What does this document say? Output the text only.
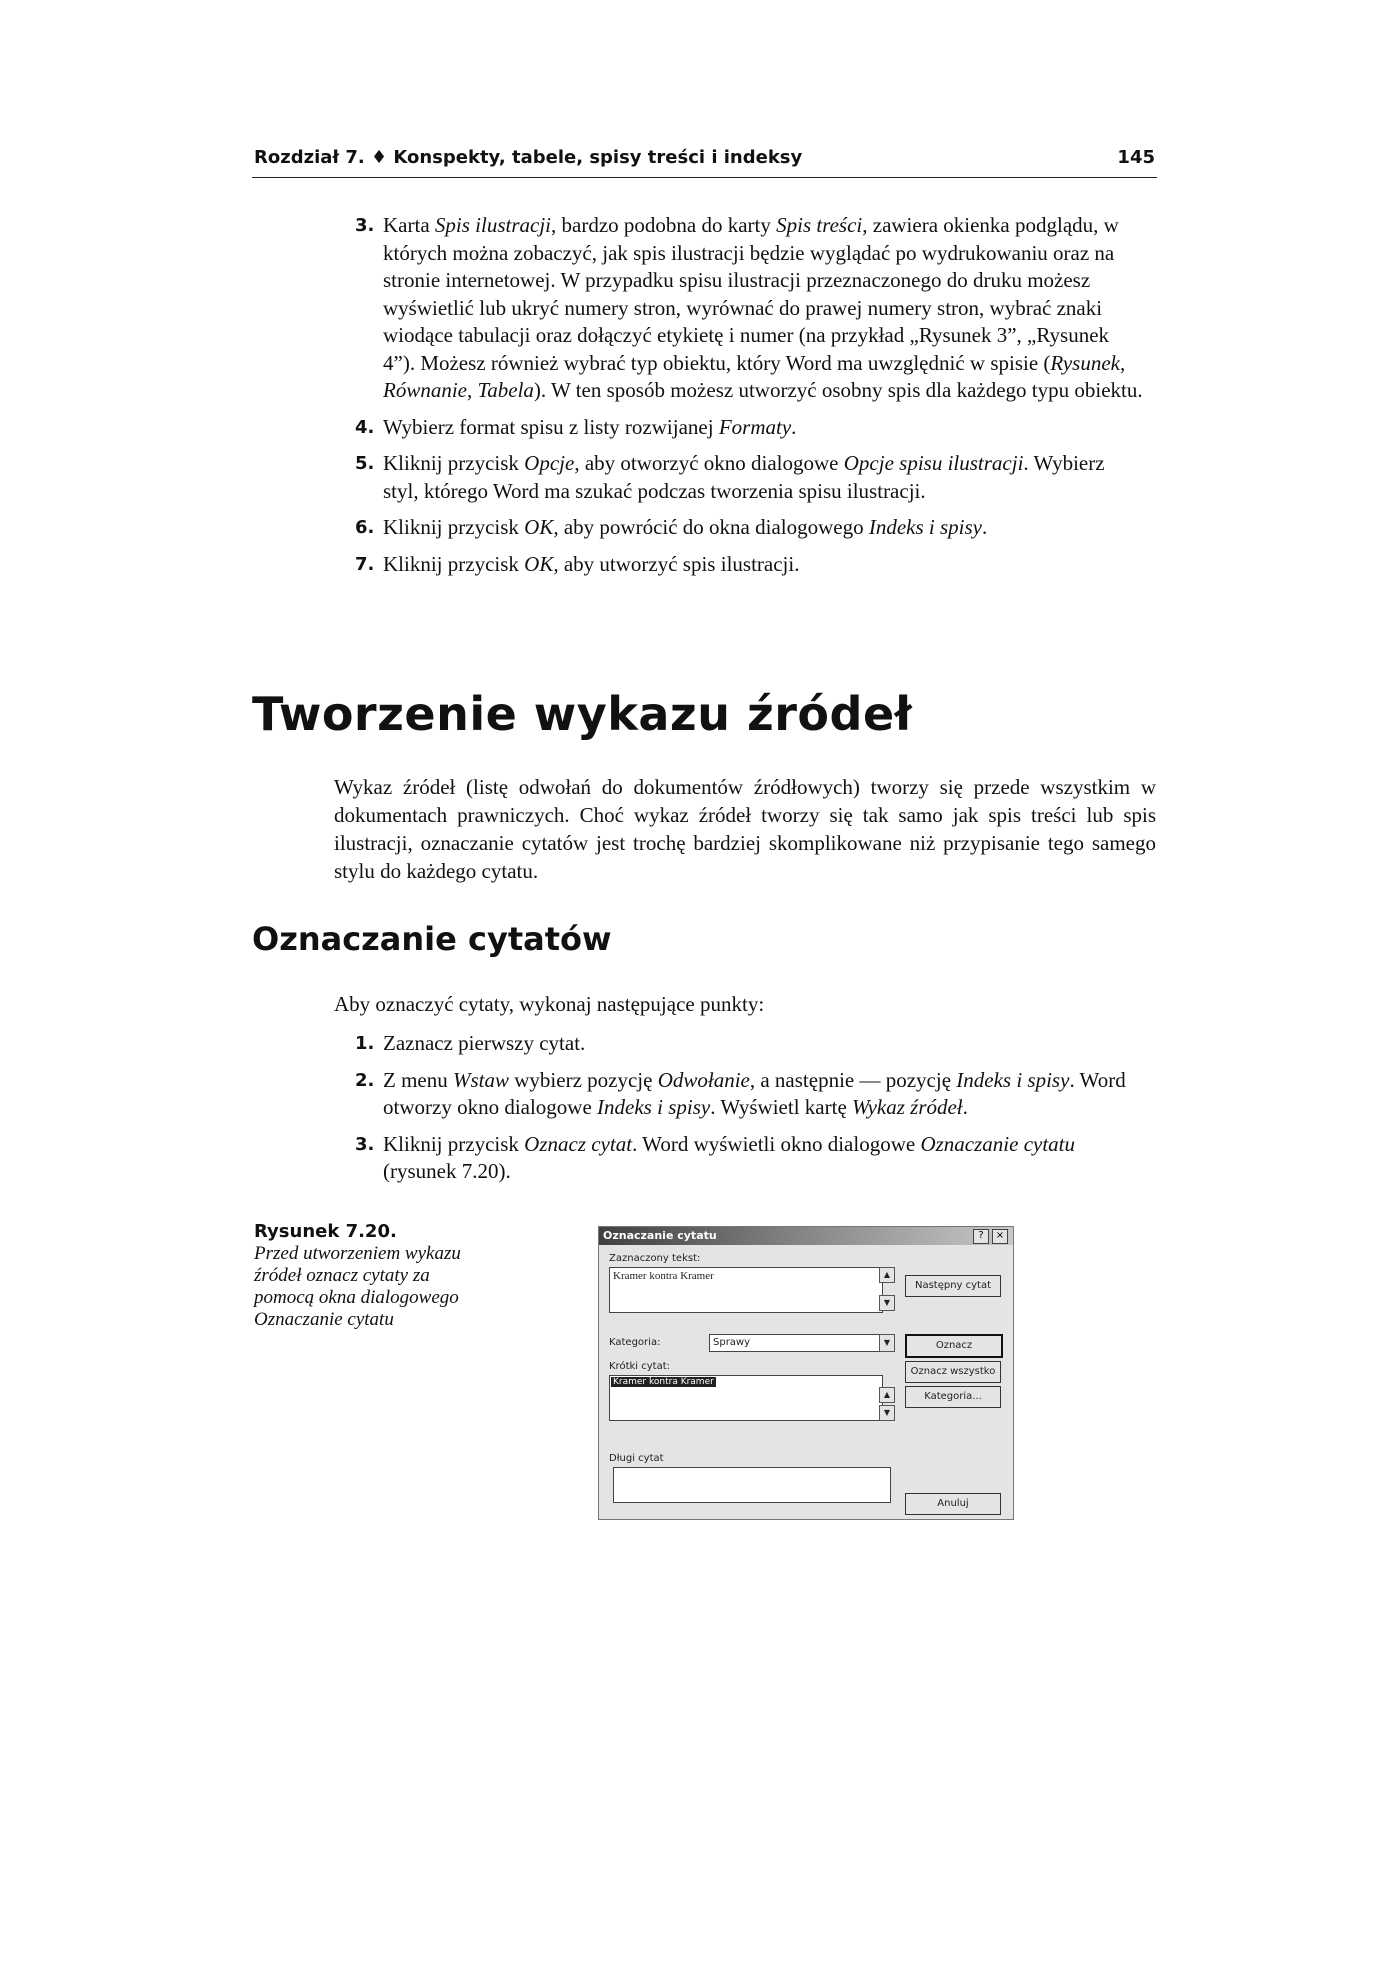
Rozdział 7. ♦ Konspekty, tabele, spisy treści i indeksy	145
3. Karta Spis ilustracji, bardzo podobna do karty Spis treści, zawiera okienka podglądu, w których można zobaczyć, jak spis ilustracji będzie wyglądać po wydrukowaniu oraz na stronie internetowej. W przypadku spisu ilustracji przeznaczonego do druku możesz wyświetlić lub ukryć numery stron, wyrównać do prawej numery stron, wybrać znaki wiodące tabulacji oraz dołączyć etykietę i numer (na przykład „Rysunek 3”, „Rysunek 4”). Możesz również wybrać typ obiektu, który Word ma uwzględnić w spisie (Rysunek, Równanie, Tabela). W ten sposób możesz utworzyć osobny spis dla każdego typu obiektu.
4. Wybierz format spisu z listy rozwijanej Formaty.
5. Kliknij przycisk Opcje, aby otworzyć okno dialogowe Opcje spisu ilustracji. Wybierz styl, którego Word ma szukać podczas tworzenia spisu ilustracji.
6. Kliknij przycisk OK, aby powrócić do okna dialogowego Indeks i spisy.
7. Kliknij przycisk OK, aby utworzyć spis ilustracji.
Tworzenie wykazu źródeł
Wykaz źródeł (listę odwołań do dokumentów źródłowych) tworzy się przede wszystkim w dokumentach prawniczych. Choć wykaz źródeł tworzy się tak samo jak spis treści lub spis ilustracji, oznaczanie cytatów jest trochę bardziej skomplikowane niż przypisanie tego samego stylu do każdego cytatu.
Oznaczanie cytatów
Aby oznaczyć cytaty, wykonaj następujące punkty:
1. Zaznacz pierwszy cytat.
2. Z menu Wstaw wybierz pozycję Odwołanie, a następnie — pozycję Indeks i spisy. Word otworzy okno dialogowe Indeks i spisy. Wyświetl kartę Wykaz źródeł.
3. Kliknij przycisk Oznacz cytat. Word wyświetli okno dialogowe Oznaczanie cytatu (rysunek 7.20).
Rysunek 7.20.
Przed utworzeniem wykazu źródeł oznacz cytaty za pomocą okna dialogowego Oznaczanie cytatu
Oznaczanie cytatu	?	×
Zaznaczony tekst:
Kramer kontra Kramer	▲
▼
Kategoria:	Sprawy	▼
Krótki cytat:
Kramer kontra Kramer
▲
▼
Długi cytat
Następny cytat
Oznacz
Oznacz wszystko
Kategoria...
Anuluj
